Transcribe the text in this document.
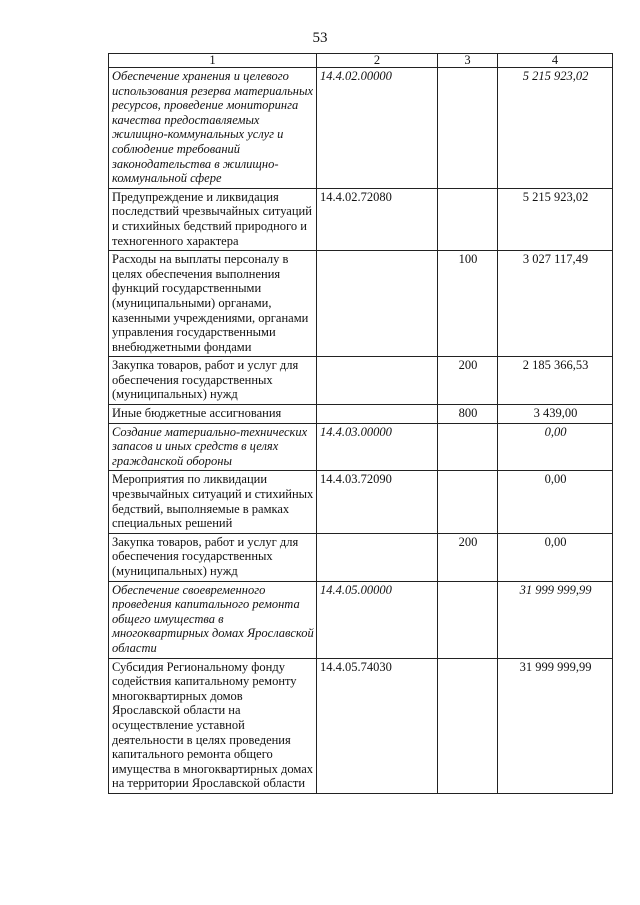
53
1	2	3	4
Обеспечение хранения и целевого использования резерва материальных ресурсов, проведение мониторинга качества предоставляемых жилищно-коммунальных услуг и соблюдение требований законодательства в жилищно-коммунальной сфере	14.4.02.00000		5 215 923,02
Предупреждение и ликвидация последствий чрезвычайных ситуаций и стихийных бедствий природного и техногенного характера	14.4.02.72080		5 215 923,02
Расходы на выплаты персоналу в целях обеспечения выполнения функций государственными (муниципальными) органами, казенными учреждениями, органами управления государственными внебюджетными фондами		100	3 027 117,49
Закупка товаров, работ и услуг для обеспечения государственных (муниципальных) нужд		200	2 185 366,53
Иные бюджетные ассигнования		800	3 439,00
Создание материально-технических запасов и иных средств в целях гражданской обороны	14.4.03.00000		0,00
Мероприятия по ликвидации чрезвычайных ситуаций и стихийных бедствий, выполняемые в рамках специальных решений	14.4.03.72090		0,00
Закупка товаров, работ и услуг для обеспечения государственных (муниципальных) нужд		200	0,00
Обеспечение своевременного проведения капитального ремонта общего имущества в многоквартирных домах Ярославской области	14.4.05.00000		31 999 999,99
Субсидия Региональному фонду содействия капитальному ремонту многоквартирных домов Ярославской области на осуществление уставной деятельности в целях проведения капитального ремонта общего имущества в многоквартирных домах на территории Ярославской области	14.4.05.74030		31 999 999,99
